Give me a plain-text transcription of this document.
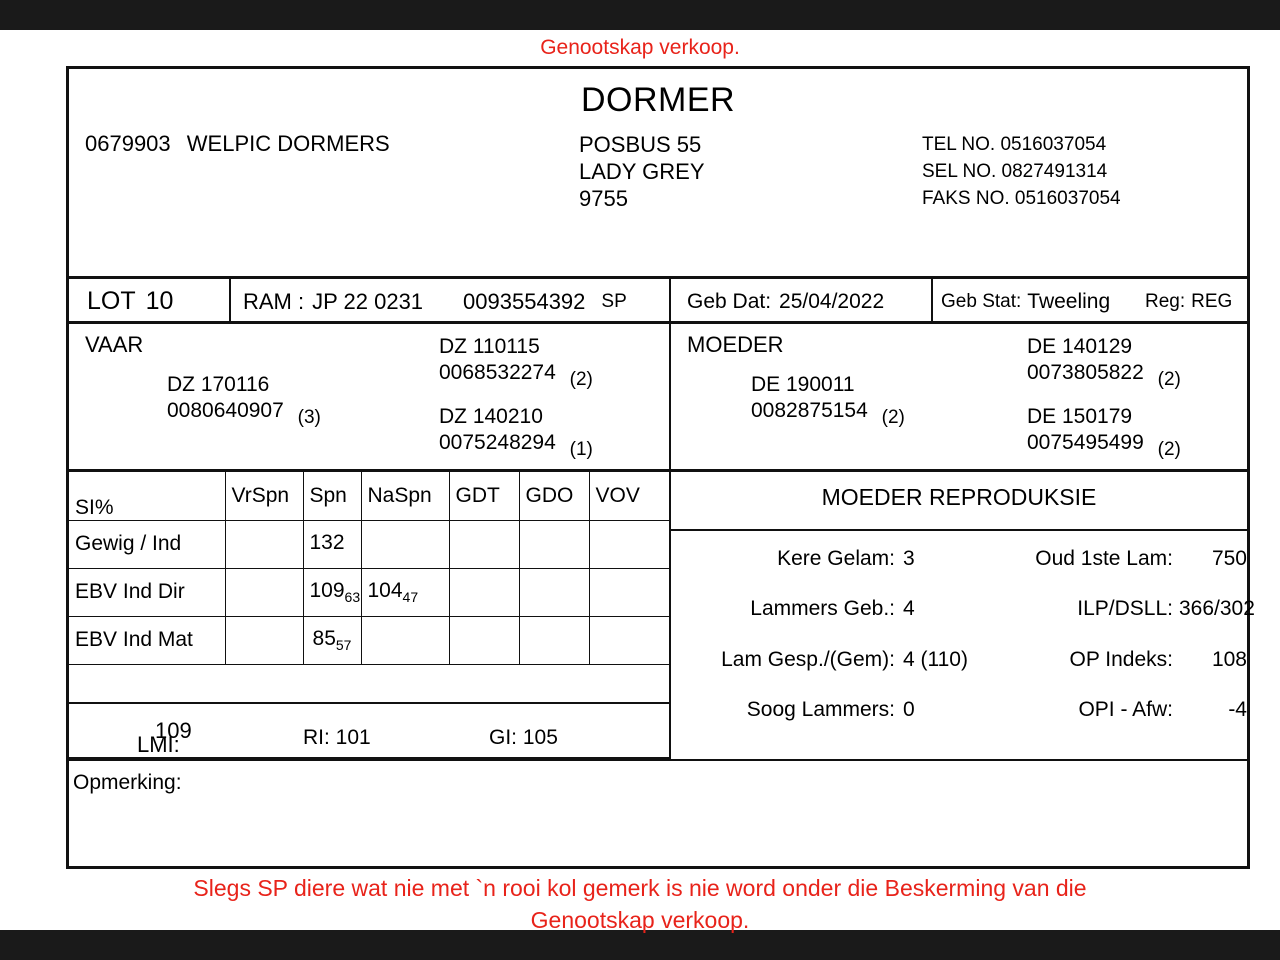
Genootskap verkoop.
DORMER
0679903 WELPIC DORMERS	POSBUS 55
LADY GREY
9755
TEL NO. 0516037054
SEL NO. 0827491314
FAKS NO. 0516037054
LOT 10	RAM : JP 22 0231 0093554392 SP	Geb Dat: 25/04/2022	Geb Stat: Tweeling Reg: REG
VAAR
DZ 170116
0080640907 (3)
DZ 110115
0068532274 (2)
DZ 140210
0075248294 (1)
MOEDER
DE 190011
0082875154 (2)
DE 140129
0073805822 (2)
DE 150179
0075495499 (2)
SI%	VrSpn	Spn	NaSpn	GDT	GDO	VOV
Gewig / Ind		132				
EBV Ind Dir		$109_{63}$	$104_{47}$			
EBV Ind Mat		$85_{57}$				
LMI:
109	RI: 101	GI: 105
MOEDER REPRODUKSIE
Kere Gelam: 3	Oud 1ste Lam:	750
Lammers Geb.: 4	ILP/DSLL: 366/302
Lam Gesp./(Gem): 4 (110)	OP Indeks:	108
Soog Lammers: 0	OPI - Afw:	-4
Opmerking:
Slegs SP diere wat nie met `n rooi kol gemerk is nie word onder die Beskerming van die
Genootskap verkoop.
